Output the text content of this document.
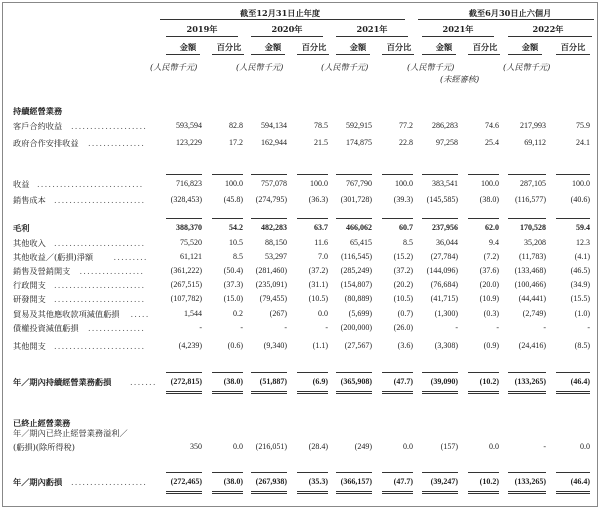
截至12月31日止年度	截至6月30日止六個月
2019年	2020年	2021年	2021年	2022年
金額	百分比	金額	百分比	金額	百分比	金額	百分比	金額	百分比
(人民幣千元)	(人民幣千元)	(人民幣千元)	(人民幣千元)	(人民幣千元)
(未經審核)
持續經營業務
已終止經營業務
客戶合約收益 ....................	593,594	82.8	594,134	78.5	592,915	77.2	286,283	74.6	217,993	75.9
政府合作安排收益 ...............	123,229	17.2	162,944	21.5	174,875	22.8	97,258	25.4	69,112	24.1
收益 ............................	716,823	100.0	757,078	100.0	767,790	100.0	383,541	100.0	287,105	100.0
銷售成本 ........................	(328,453)	(45.8)	(274,795)	(36.3)	(301,728)	(39.3)	(145,585)	(38.0)	(116,577)	(40.6)
毛利	388,370	54.2	482,283	63.7	466,062	60.7	237,956	62.0	170,528	59.4
其他收入 ........................	75,520	10.5	88,150	11.6	65,415	8.5	36,044	9.4	35,208	12.3
其他收益／(虧損)淨額 .........	61,121	8.5	53,297	7.0	(116,545)	(15.2)	(27,784)	(7.2)	(11,783)	(4.1)
銷售及營銷開支 .................	(361,222)	(50.4)	(281,460)	(37.2)	(285,249)	(37.2)	(144,096)	(37.6)	(133,468)	(46.5)
行政開支 ........................	(267,515)	(37.3)	(235,091)	(31.1)	(154,807)	(20.2)	(76,684)	(20.0)	(100,466)	(34.9)
研發開支 ........................	(107,782)	(15.0)	(79,455)	(10.5)	(80,889)	(10.5)	(41,715)	(10.9)	(44,441)	(15.5)
貿易及其他應收款項減值虧損 .....	1,544	0.2	(267)	0.0	(5,699)	(0.7)	(1,300)	(0.3)	(2,749)	(1.0)
債權投資減值虧損 ...............	-	-	-	-	(200,000)	(26.0)	-	-	-	-
其他開支 ........................	(4,239)	(0.6)	(9,340)	(1.1)	(27,567)	(3.6)	(3,308)	(0.9)	(24,416)	(8.5)
年／期內持續經營業務虧損 .......	(272,815)	(38.0)	(51,887)	(6.9)	(365,908)	(47.7)	(39,090)	(10.2)	(133,265)	(46.4)
年／期內已終止經營業務溢利／
(虧損)(除所得稅)	350	0.0	(216,051)	(28.4)	(249)	0.0	(157)	0.0	-	0.0
年／期內虧損 ....................	(272,465)	(38.0)	(267,938)	(35.3)	(366,157)	(47.7)	(39,247)	(10.2)	(133,265)	(46.4)
